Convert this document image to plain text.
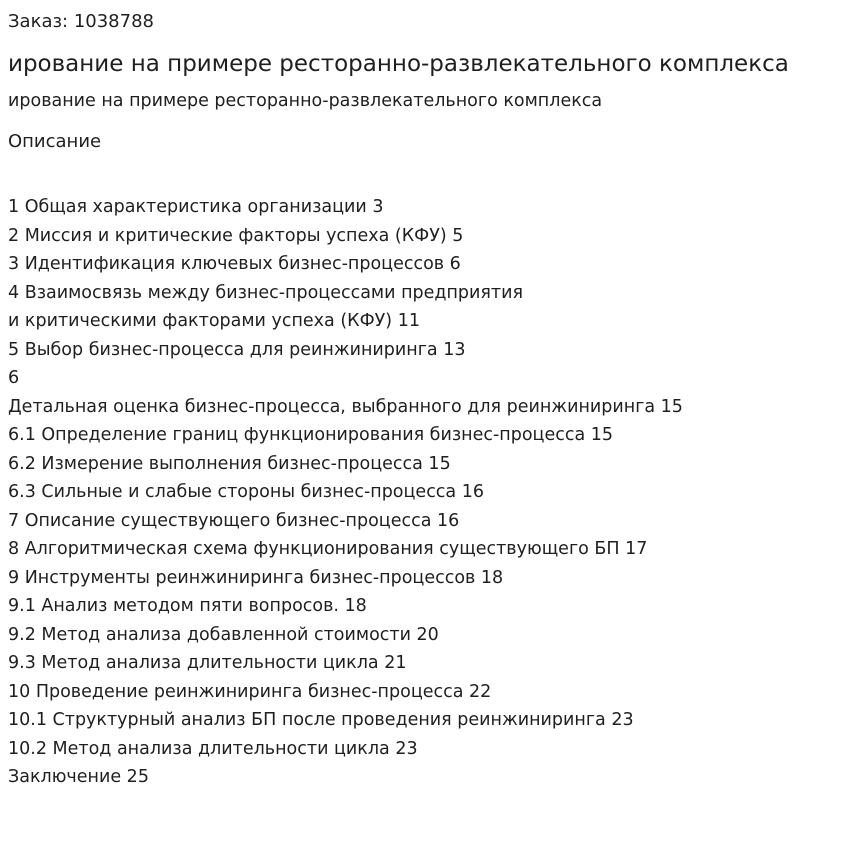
Заказ: 1038788
ирование на примере ресторанно-развлекательного комплекса
ирование на примере ресторанно-развлекательного комплекса
Описание
1 Общая характеристика организации 3
2 Миссия и критические факторы успеха (КФУ) 5
3 Идентификация ключевых бизнес-процессов 6
4 Взаимосвязь между бизнес-процессами предприятия
и критическими факторами успеха (КФУ) 11
5 Выбор бизнес-процесса для реинжиниринга 13
6
Детальная оценка бизнес-процесса, выбранного для реинжиниринга 15
6.1 Определение границ функционирования бизнес-процесса 15
6.2 Измерение выполнения бизнес-процесса 15
6.3 Сильные и слабые стороны бизнес-процесса 16
7 Описание существующего бизнес-процесса 16
8 Алгоритмическая схема функционирования существующего БП 17
9 Инструменты реинжиниринга бизнес-процессов 18
9.1 Анализ методом пяти вопросов. 18
9.2 Метод анализа добавленной стоимости 20
9.3 Метод анализа длительности цикла 21
10 Проведение реинжиниринга бизнес-процесса 22
10.1 Структурный анализ БП после проведения реинжиниринга 23
10.2 Метод анализа длительности цикла 23
Заключение 25
